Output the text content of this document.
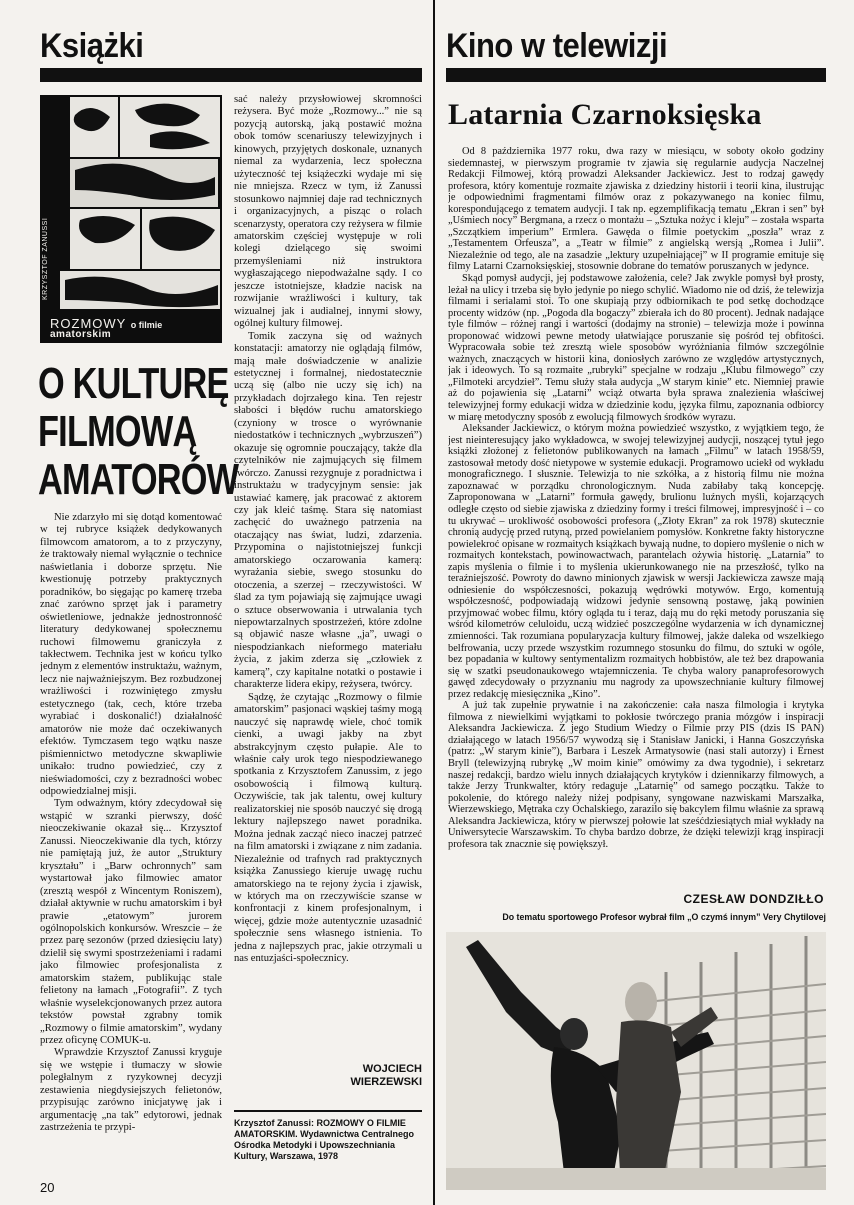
Książki
KRZYSZTOF ZANUSSI
ROZMOWY o filmie
amatorskim
O KULTURĘ
FILMOWĄ
AMATORÓW

Nie zdarzyło mi się dotąd komentować w tej rubryce książek dedykowanych filmowcom amatorom, a to z przyczyny, że traktowały niemal wyłącznie o technice naświetlania i doborze sprzętu. Nie kwestionuję potrzeby praktycznych poradników, bo sięgając po kamerę trzeba znać zarówno sprzęt jak i parametry oświetleniowe, jednakże jednostronność literatury dedykowanej społecznemu ruchowi filmowemu graniczyła z takłectwem. Technika jest w końcu tylko jednym z elementów instruktażu, ważnym, lecz nie najważniejszym. Bez rozbudzonej wrażliwości i rozwiniętego zmysłu estetycznego (tak, cech, które trzeba wyrabiać i doskonalić!) działalność amatorów nie może dać oczekiwanych efektów. Tymczasem tego wątku nasze piśmiennictwo metodyczne skwapliwie unikało: trudno powiedzieć, czy z nieświadomości, czy z bezradności wobec odpowiedzialnej misji.

Tym odważnym, który zdecydował się wstąpić w szranki pierwszy, dość nieoczekiwanie okazał się... Krzysztof Zanussi. Nieoczekiwanie dla tych, którzy nie pamiętają już, że autor „Struktury kryształu” i „Barw ochronnych” sam wystartował jako filmowiec amator (zresztą wespół z Wincentym Roniszem), działał aktywnie w ruchu amatorskim i był prawie „etatowym” jurorem ogólnopolskich konkursów. Wreszcie – że przez parę sezonów (przed dziesięciu laty) dzielił się swymi spostrzeżeniami i radami jako filmowiec profesjonalista z amatorskim stażem, publikując stale felietony na łamach „Fotografii”. Z tych właśnie wyselekcjonowanych przez autora tekstów powstał zgrabny tomik „Rozmowy o filmie amatorskim”, wydany przez oficynę COMUK-u.

Wprawdzie Krzysztof Zanussi kryguje się we wstępie i tłumaczy w słowie poległalnym z ryzykownej decyzji zestawienia niegdysiejszych felietonów, przypisując zarówno inicjatywę jak i argumentację „na tak” edytorowi, jednak zastrzeżenia te przypi-

sać należy przysłowiowej skromności reżysera. Być może „Rozmowy...” nie są pozycją autorską, jaką postawić można obok tomów scenariuszy telewizyjnych i kinowych, przyjętych doskonale, uznanych niemal za wydarzenia, lecz społeczna użyteczność tej książeczki wydaje mi się nie mniejsza. Rzecz w tym, iż Zanussi stosunkowo najmniej daje rad technicznych i organizacyjnych, a pisząc o rolach scenarzysty, operatora czy reżysera w filmie amatorskim częściej występuje w roli kolegi dzielącego się swoimi przemyśleniami niż instruktora wygłaszającego niepodważalne sądy. I co jeszcze istotniejsze, kładzie nacisk na rozwijanie wrażliwości i kultury, tak wizualnej jak i audialnej, innymi słowy, ogólnej kultury filmowej.

Tomik zaczyna się od ważnych konstatacji: amatorzy nie oglądają filmów, mają małe doświadczenie w analizie estetycznej i formalnej, niedostatecznie uczą się (albo nie uczy się ich) na przykładach dojrzałego kina. Ten rejestr słabości i błędów ruchu amatorskiego (czyniony w trosce o wyrównanie niedostatków i technicznych „wybrzuszeń”) okazuje się ogromnie pouczający, także dla czytelników nie zajmujących się filmem twórczo. Zanussi rezygnuje z poradnictwa i instruktażu w tradycyjnym sensie: jak ustawiać kamerę, jak pracować z aktorem czy jak kleić taśmę. Stara się natomiast zachęcić do uważnego patrzenia na otaczający nas świat, ludzi, zdarzenia. Przypomina o najistotniejszej funkcji amatorskiego oczarowania kamerą: wyrażania siebie, swego stosunku do otoczenia, a szerzej – rzeczywistości. W ślad za tym pojawiają się zajmujące uwagi o sztuce obserwowania i utrwalania tych niepowtarzalnych spostrzeżeń, które zdolne są objawić nasze własne „ja”, uwagi o niespodziankach nieformego materiału życia, z jakim zderza się „człowiek z kamerą”, czy kapitalne notatki o postawie i charakterze lidera ekipy, reżysera, twórcy.

Sądzę, że czytając „Rozmowy o filmie amatorskim” pasjonaci wąskiej taśmy mogą nauczyć się naprawdę wiele, choć tomik cienki, a uwagi jakby na zbyt abstrakcyjnym często pułapie. Ale to właśnie cały urok tego niespodziewanego spotkania z Krzysztofem Zanussim, z jego osobowością i filmową kulturą. Oczywiście, tak jak talentu, owej kultury realizatorskiej nie sposób nauczyć się drogą lektury najlepszego nawet poradnika. Można jednak zacząć nieco inaczej patrzeć na film amatorski i związane z nim zadania. Niezależnie od trafnych rad praktycznych książka Zanussiego kieruje uwagę ruchu amatorskiego na te rejony życia i zjawisk, w których ma on rzeczywiście szanse w konfrontacji z kinem profesjonalnym, i więcej, gdzie może autentycznie uzasadnić społecznie sens własnego istnienia. To jedna z najlepszych prac, jakie otrzymali u nas entuzjaści-społecznicy.

WOJCIECH
WIERZEWSKI
Krzysztof Zanussi: ROZMOWY O FILMIE AMATORSKIM. Wydawnictwa Centralnego Ośrodka Metodyki i Upowszechniania Kultury, Warszawa, 1978
20
Kino w telewizji
Latarnia Czarnoksięska

Od 8 października 1977 roku, dwa razy w miesiącu, w soboty około godziny siedemnastej, w pierwszym programie tv zjawia się regularnie audycja Naczelnej Redakcji Filmowej, którą prowadzi Aleksander Jackiewicz. Jest to rodzaj gawędy profesora, który komentuje rozmaite zjawiska z dziedziny historii i teorii kina, ilustrując je odpowiednimi fragmentami filmów oraz z pokazywanego na koniec filmu, korespondującego z tematem audycji. I tak np. egzemplifikacją tematu „Ekran i sen” był „Uśmiech nocy” Bergmana, a rzecz o montażu – „Sztuka nożyc i kleju” – została wsparta „Szczątkiem imperium” Ermlera. Gawęda o filmie poetyckim „poszła” wraz z „Testamentem Orfeusza”, a „Teatr w filmie” z angielską wersją „Romea i Julii”. Niezależnie od tego, ale na zasadzie „lektury uzupełniającej” w II programie emituje się filmy Latarni Czarnoksięskiej, stosownie dobrane do tematów poruszanych w jedynce.

Skąd pomysł audycji, jej podstawowe założenia, cele? Jak zwykle pomysł był prosty, leżał na ulicy i trzeba się było jedynie po niego schylić. Wiadomo nie od dziś, że telewizja filmami i serialami stoi. To one skupiają przy odbiornikach te pod setkę dochodzące procenty widzów (np. „Pogoda dla bogaczy” zbierała ich do 80 procent). Jednak nadające tyle filmów – różnej rangi i wartości (dodajmy na stronie) – telewizja może i powinna proponować widzowi pewne metody ułatwiające poruszanie się pośród tej obfitości. Wypracowała sobie też zresztą wiele sposobów wyróżniania filmów szczególnie ważnych, znaczących w historii kina, doniosłych zarówno ze względów artystycznych, jak i ideowych. To są rozmaite „rubryki” specjalne w rodzaju „Klubu filmowego” czy „Filmoteki arcydzieł”. Temu służy stała audycja „W starym kinie” etc. Niemniej prawie aż do pojawienia się „Latarni” wciąż otwarta była sprawa znalezienia właściwej telewizyjnej formy edukacji widza w dziedzinie kodu, języka filmu, zapoznania odbiorcy w miarę metodyczny sposób z ewolucją filmowych środków wyrazu.

Aleksander Jackiewicz, o którym można powiedzieć wszystko, z wyjątkiem tego, że jest nieinteresujący jako wykładowca, w swojej telewizyjnej audycji, noszącej tytuł jego książki złożonej z felietonów publikowanych na łamach „Filmu” w latach 1958/59, zastosował metody dość nietypowe w systemie edukacji. Programowo uciekł od wykładu monograficznego. I słusznie. Telewizja to nie szkółka, a z historią filmu nie można zapoznawać w porządku chronologicznym. Nuda zabiłaby taką koncepcję. Zaproponowana w „Latarni” formuła gawędy, brulionu luźnych myśli, kojarzących odległe często od siebie zjawiska z dziedziny formy i treści filmowej, impresyjność i – co tu ukrywać – urokliwość osobowości profesora („Złoty Ekran” za rok 1978) skutecznie chronią audycję przed rutyną, przed powielaniem pomysłów. Konkretne fakty historyczne powielekroć opisane w rozmaitych książkach bywają nudne, to dopiero myślenie o nich w rozmaitych kontekstach, powinowactwach, parantelach ożywia historię. „Latarnia” to zapis myślenia o filmie i to myślenia ukierunkowanego nie na przeszłość, tylko na teraźniejszość. Powroty do dawno minionych zjawisk w wersji Jackiewicza zawsze mają odniesienie do współczesności, pokazują wędrówki motywów. Ergo, komentują współczesność, podpowiadają widzowi jedynie sensowną postawę, jaką powinien przyjmować wobec filmu, który ogląda tu i teraz, dają mu do ręki metody poruszania się wśród kilometrów celuloidu, uczą widzieć poszczególne wydarzenia w ich dynamicznej zmienności. Tak rozumiana popularyzacja kultury filmowej, jakże daleka od wszelkiego belfrowania, uczy przede wszystkim rozumnego stosunku do filmu, do sztuki w ogóle, bez popadania w kultowy sentymentalizm rozmaitych hobbistów, ale też bez drapowania się w szatki pseudonaukowego wtajemniczenia. Te chyba walory panaprofesorowych gawęd zdecydowały o przyznaniu mu nagrody za upowszechnianie kultury filmowej przez redakcję miesięcznika „Kino”.

A już tak zupełnie prywatnie i na zakończenie: cała nasza filmologia i krytyka filmowa z niewielkimi wyjątkami to pokłosie twórczego prania mózgów i inspiracji Aleksandra Jackiewicza. Z jego Studium Wiedzy o Filmie przy PIS (dzis IS PAN) działającego w latach 1956/57 wywodzą się i Stanisław Janicki, i Hanna Goszczyńska (patrz: „W starym kinie”), Barbara i Leszek Armatysowie (nasi stali autorzy) i Ernest Bryll (telewizyjną rubrykę „W moim kinie” omówimy za dwa tygodnie), i sekretarz naszej redakcji, bardzo wielu innych działających krytyków i dziennikarzy filmowych, a także Jerzy Trunkwalter, który redaguje „Latarnię” od samego początku. Także to pokolenie, do którego należy niżej podpisany, syngowane nazwiskami Marszałka, Wierzewskiego, Mętraka czy Ochalskiego, zarazilo się bakcylem filmu właśnie za sprawą Aleksandra Jackiewicza, który w pierwszej połowie lat sześćdziesiątych miał wykłady na Uniwersytecie Warszawskim. To chyba bardzo dobrze, że dzięki telewizji krąg inspiracji profesora tak znacznie się powiększył.

CZESŁAW DONDZIŁŁO
Do tematu sportowego Profesor wybrał film „O czymś innym” Very Chytilovej
